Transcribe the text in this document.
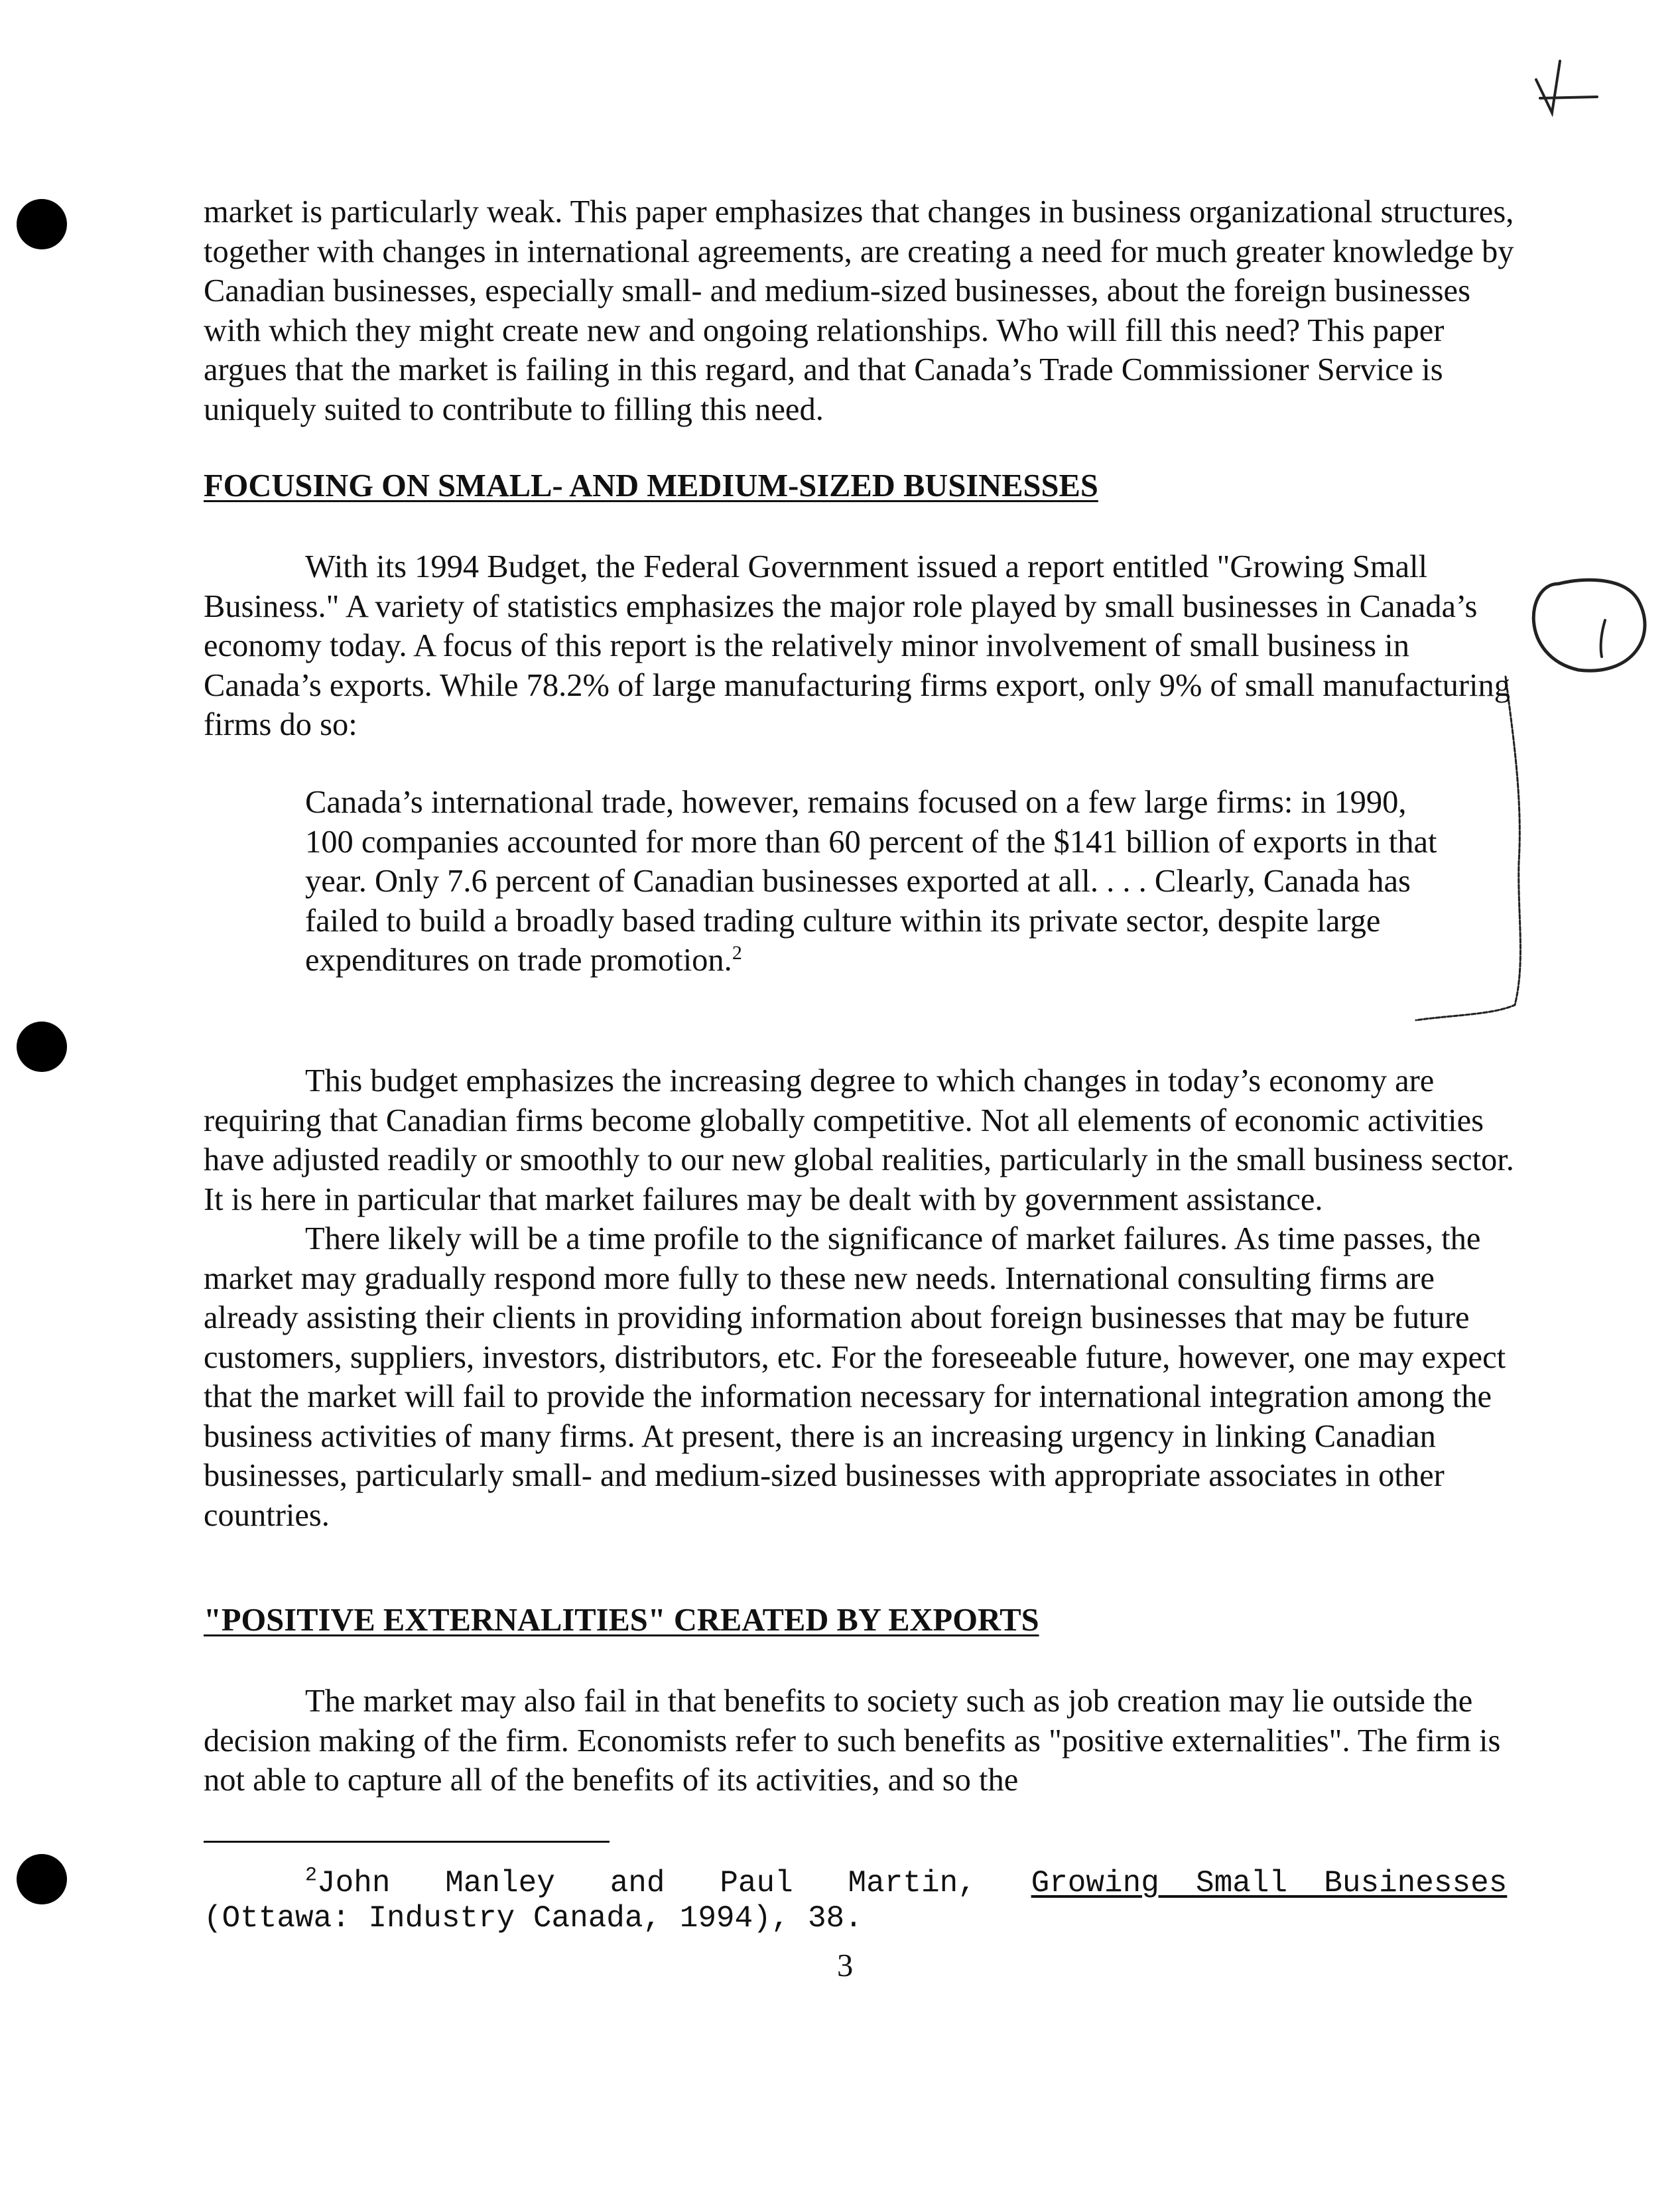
market is particularly weak. This paper emphasizes that changes in business organizational structures, together with changes in international agreements, are creating a need for much greater knowledge by Canadian businesses, especially small- and medium-sized businesses, about the foreign businesses with which they might create new and ongoing relationships. Who will fill this need? This paper argues that the market is failing in this regard, and that Canada’s Trade Commissioner Service is uniquely suited to contribute to filling this need.

FOCUSING ON SMALL- AND MEDIUM-SIZED BUSINESSES

With its 1994 Budget, the Federal Government issued a report entitled "Growing Small Business." A variety of statistics emphasizes the major role played by small businesses in Canada’s economy today. A focus of this report is the relatively minor involvement of small business in Canada’s exports. While 78.2% of large manufacturing firms export, only 9% of small manufacturing firms do so:

Canada’s international trade, however, remains focused on a few large firms: in 1990, 100 companies accounted for more than 60 percent of the $141 billion of exports in that year. Only 7.6 percent of Canadian businesses exported at all. . . . Clearly, Canada has failed to build a broadly based trading culture within its private sector, despite large expenditures on trade promotion.$^2$

This budget emphasizes the increasing degree to which changes in today’s economy are requiring that Canadian firms become globally competitive. Not all elements of economic activities have adjusted readily or smoothly to our new global realities, particularly in the small business sector. It is here in particular that market failures may be dealt with by government assistance.

There likely will be a time profile to the significance of market failures. As time passes, the market may gradually respond more fully to these new needs. International consulting firms are already assisting their clients in providing information about foreign businesses that may be future customers, suppliers, investors, distributors, etc. For the foreseeable future, however, one may expect that the market will fail to provide the information necessary for international integration among the business activities of many firms. At present, there is an increasing urgency in linking Canadian businesses, particularly small- and medium-sized businesses with appropriate associates in other countries.

"POSITIVE EXTERNALITIES" CREATED BY EXPORTS

The market may also fail in that benefits to society such as job creation may lie outside the decision making of the firm. Economists refer to such benefits as "positive externalities". The firm is not able to capture all of the benefits of its activities, and so the

$^2$John   Manley   and   Paul   Martin,   Growing  Small  Businesses
(Ottawa: Industry Canada, 1994), 38.
3
